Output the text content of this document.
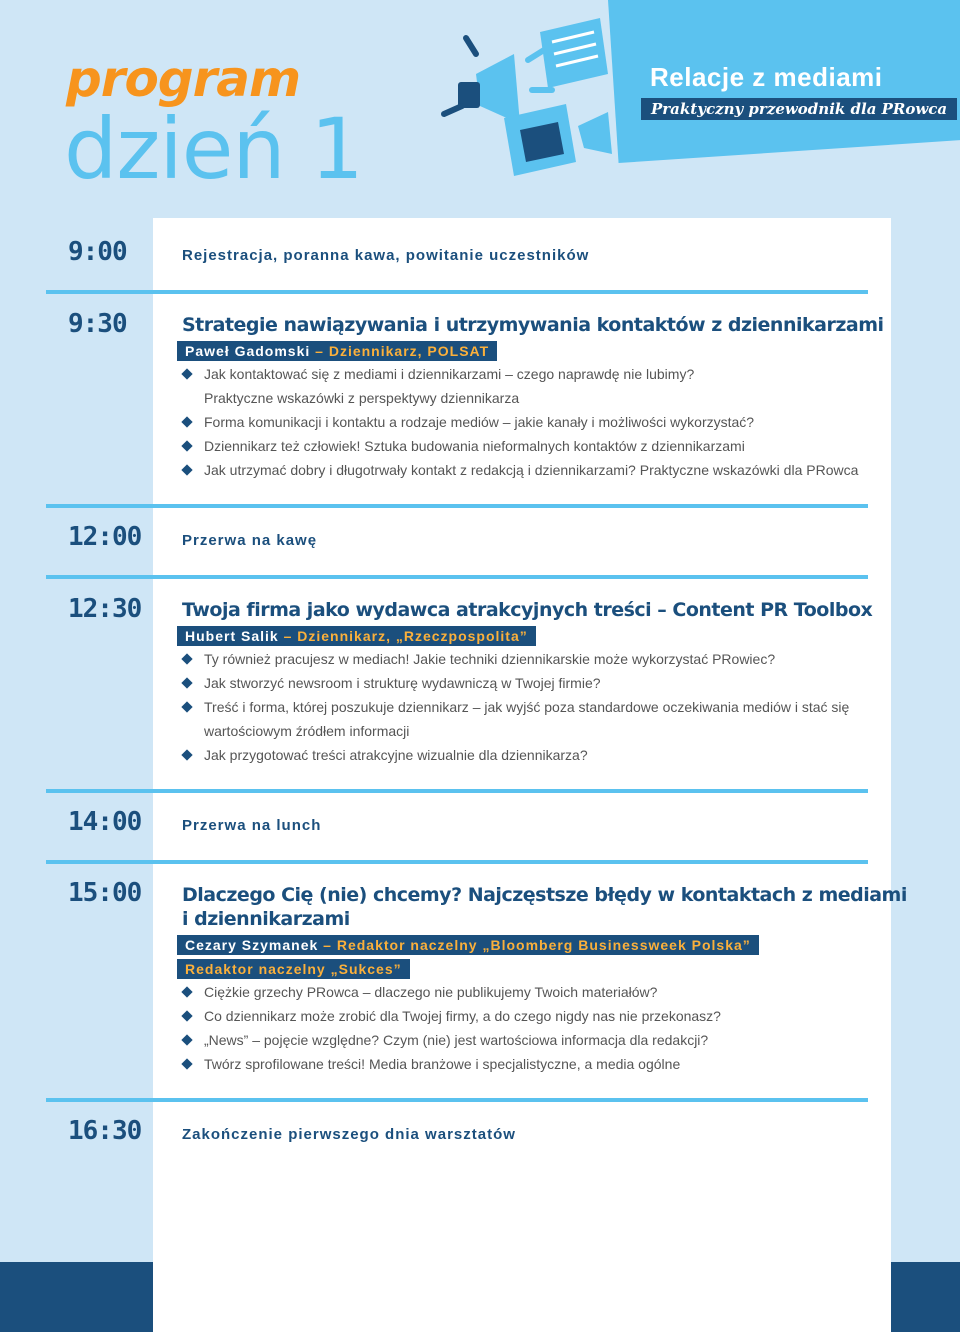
program
dzień 1
Relacje z mediami
Praktyczny przewodnik dla PRowca
9:00	Rejestracja, poranna kawa, powitanie uczestników
9:30	Strategie nawiązywania i utrzymywania kontaktów z dziennikarzami
Paweł Gadomski – Dziennikarz, POLSAT
Jak kontaktować się z mediami i dziennikarzami – czego naprawdę nie lubimy?
Praktyczne wskazówki z perspektywy dziennikarza
Forma komunikacji i kontaktu a rodzaje mediów – jakie kanały i możliwości wykorzystać?
Dziennikarz też człowiek! Sztuka budowania nieformalnych kontaktów z dziennikarzami
Jak utrzymać dobry i długotrwały kontakt z redakcją i dziennikarzami? Praktyczne wskazówki dla PRowca
12:00	Przerwa na kawę
12:30 Twoja firma jako wydawca atrakcyjnych treści – Content PR Toolbox
Hubert Salik – Dziennikarz, „Rzeczpospolita”
Ty również pracujesz w mediach! Jakie techniki dziennikarskie może wykorzystać PRowiec?
Jak stworzyć newsroom i strukturę wydawniczą w Twojej firmie?
Treść i forma, której poszukuje dziennikarz – jak wyjść poza standardowe oczekiwania mediów i stać się
wartościowym źródłem informacji
Jak przygotować treści atrakcyjne wizualnie dla dziennikarza?
14:00	Przerwa na lunch
15:00 Dlaczego Cię (nie) chcemy? Najczęstsze błędy w kontaktach z mediami
i dziennikarzami
Cezary Szymanek – Redaktor naczelny „Bloomberg Businessweek Polska”
Redaktor naczelny „Sukces”
Ciężkie grzechy PRowca – dlaczego nie publikujemy Twoich materiałów?
Co dziennikarz może zrobić dla Twojej firmy, a do czego nigdy nas nie przekonasz?
„News” – pojęcie względne? Czym (nie) jest wartościowa informacja dla redakcji?
Twórz sprofilowane treści! Media branżowe i specjalistyczne, a media ogólne
16:30	Zakończenie pierwszego dnia warsztatów
3
